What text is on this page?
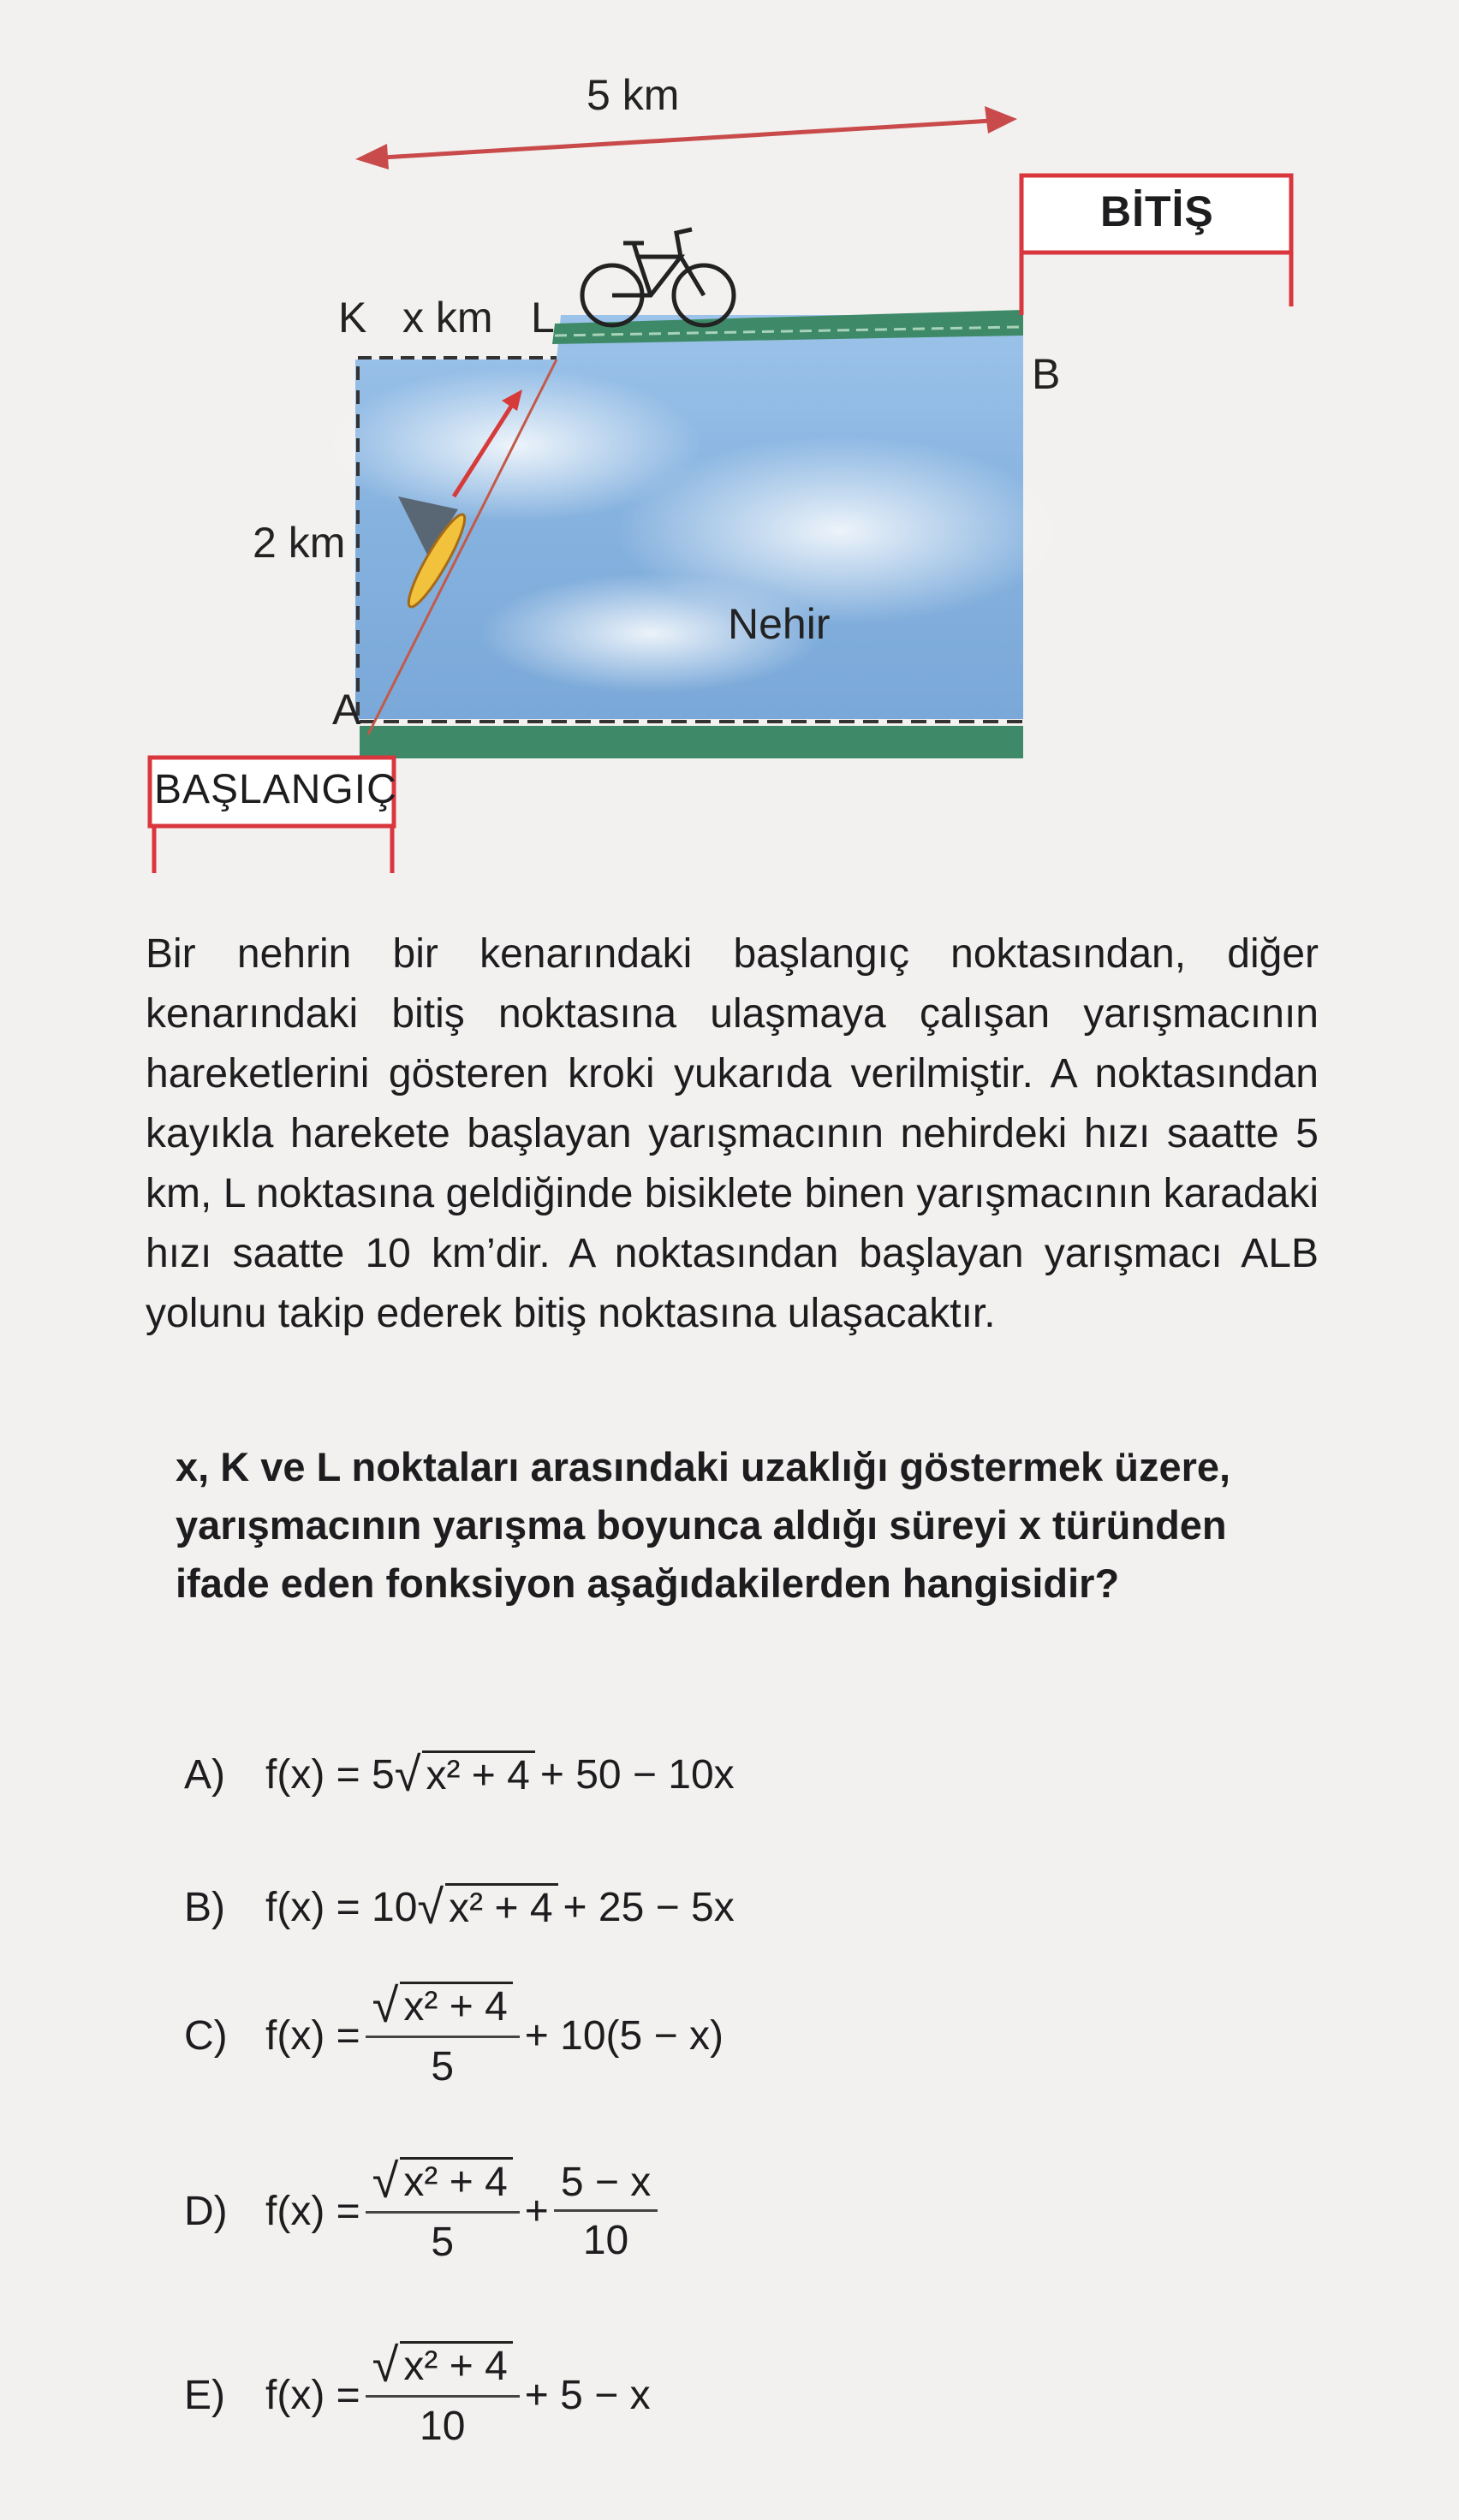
5 km
K x km L
B
2 km
Nehir
A
BİTİŞ
BAŞLANGIÇ

Bir nehrin bir kenarındaki başlangıç noktasından, diğer kenarındaki bitiş noktasına ulaşmaya çalışan yarışmacının hareketlerini gösteren kroki yukarıda verilmiştir. A noktasından kayıkla harekete başlayan yarışmacının nehirdeki hızı saatte 5 km, L noktasına geldiğinde bisiklete binen yarışmacının karadaki hızı saatte 10 km’dir. A noktasından başlayan yarışmacı ALB yolunu takip ederek bitiş noktasına ulaşacaktır.

x, K ve L noktaları arasındaki uzaklığı göstermek üzere, yarışmacının yarışma boyunca aldığı süreyi x türünden ifade eden fonksiyon aşağıdakilerden hangisidir?

A) f(x) = 5 √ x² + 4 + 50 − 10x
B) f(x) = 10 √ x² + 4 + 25 − 5x
C) $f(x) = \frac{\text{√ x² + 4}}{5} + 10(5 - x)$
D) $f(x) = \frac{\text{√ x² + 4}}{5} + \frac{5 - x}{10}$
E) $f(x) = \frac{\text{√ x² + 4}}{10} + 5 - x$
